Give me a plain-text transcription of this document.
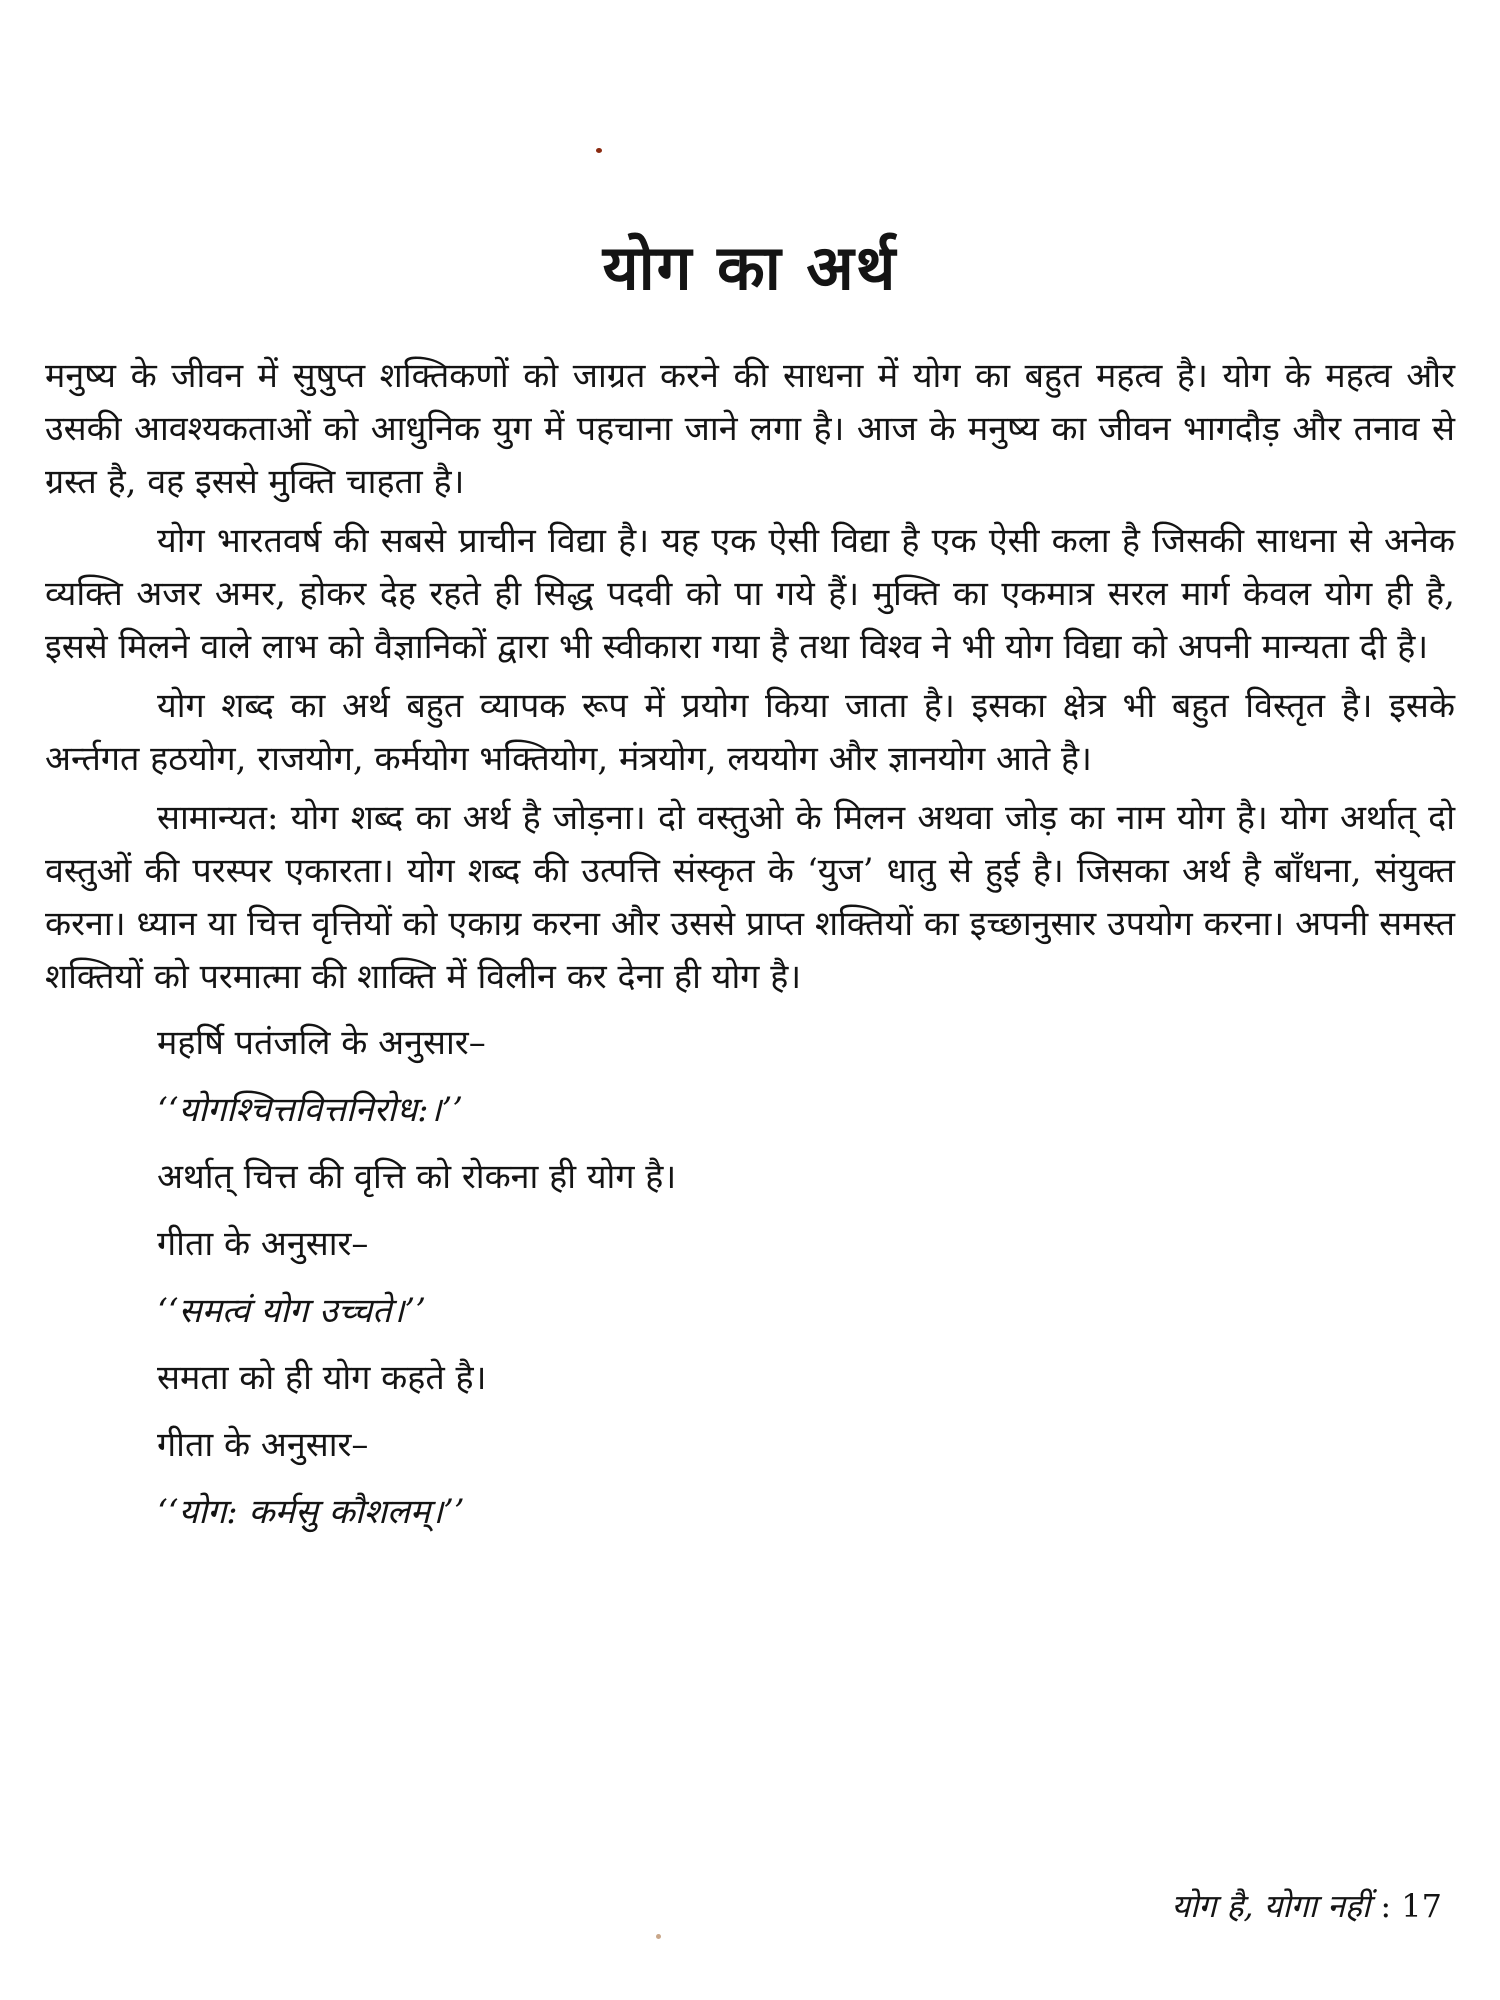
योग का अर्थ

मनुष्य के जीवन में सुषुप्त शक्तिकणों को जाग्रत करने की साधना में योग का बहुत महत्व है। योग के महत्व और उसकी आवश्यकताओं को आधुनिक युग में पहचाना जाने लगा है। आज के मनुष्य का जीवन भागदौड़ और तनाव से ग्रस्त है, वह इससे मुक्ति चाहता है।

योग भारतवर्ष की सबसे प्राचीन विद्या है। यह एक ऐसी विद्या है एक ऐसी कला है जिसकी साधना से अनेक व्यक्ति अजर अमर, होकर देह रहते ही सिद्ध पदवी को पा गये हैं। मुक्ति का एकमात्र सरल मार्ग केवल योग ही है, इससे मिलने वाले लाभ को वैज्ञानिकों द्वारा भी स्वीकारा गया है तथा विश्व ने भी योग विद्या को अपनी मान्यता दी है।

योग शब्द का अर्थ बहुत व्यापक रूप में प्रयोग किया जाता है। इसका क्षेत्र भी बहुत विस्तृत है। इसके अर्न्तगत हठयोग, राजयोग, कर्मयोग भक्तियोग, मंत्रयोग, लययोग और ज्ञानयोग आते है।

सामान्यत: योग शब्द का अर्थ है जोड़ना। दो वस्तुओ के मिलन अथवा जोड़ का नाम योग है। योग अर्थात् दो वस्तुओं की परस्पर एकारता। योग शब्द की उत्पत्ति संस्कृत के ‘युज’ धातु से हुई है। जिसका अर्थ है बाँधना, संयुक्त करना। ध्यान या चित्त वृत्तियों को एकाग्र करना और उससे प्राप्त शक्तियों का इच्छानुसार उपयोग करना। अपनी समस्त शक्तियों को परमात्मा की शाक्ति में विलीन कर देना ही योग है।

महर्षि पतंजलि के अनुसार–

‘‘योगश्चित्तवित्तनिरोध:।’’

अर्थात् चित्त की वृत्ति को रोकना ही योग है।

गीता के अनुसार–

‘‘समत्वं योग उच्चते।’’

समता को ही योग कहते है।

गीता के अनुसार–

‘‘योग: कर्मसु कौशलम्।’’

योग है, योगा नहीं : 17
